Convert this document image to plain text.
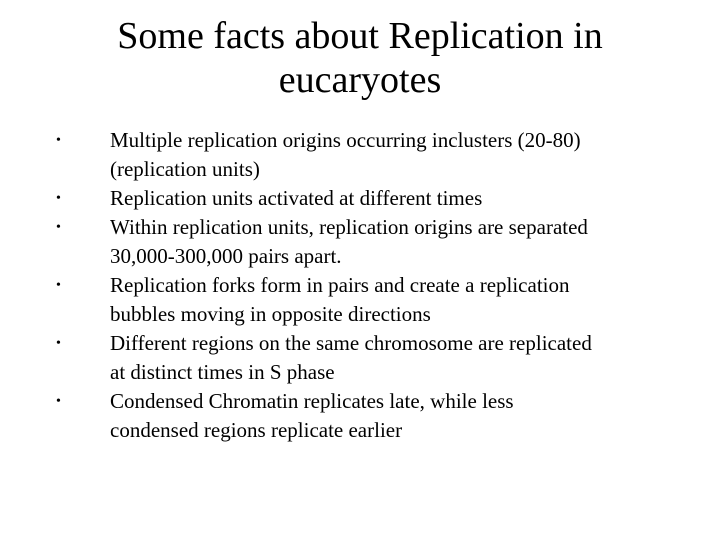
Some facts about Replication in
eucaryotes
•	Multiple replication origins occurring inclusters (20-80)
(replication units)
•	Replication units activated at different times
•	Within replication units, replication origins are separated
30,000-300,000 pairs apart.
•	Replication forks form in pairs and create a replication
bubbles moving in opposite directions
•	Different regions on the same chromosome are replicated
at distinct times in S phase
•	Condensed Chromatin replicates late, while less
condensed regions replicate earlier
